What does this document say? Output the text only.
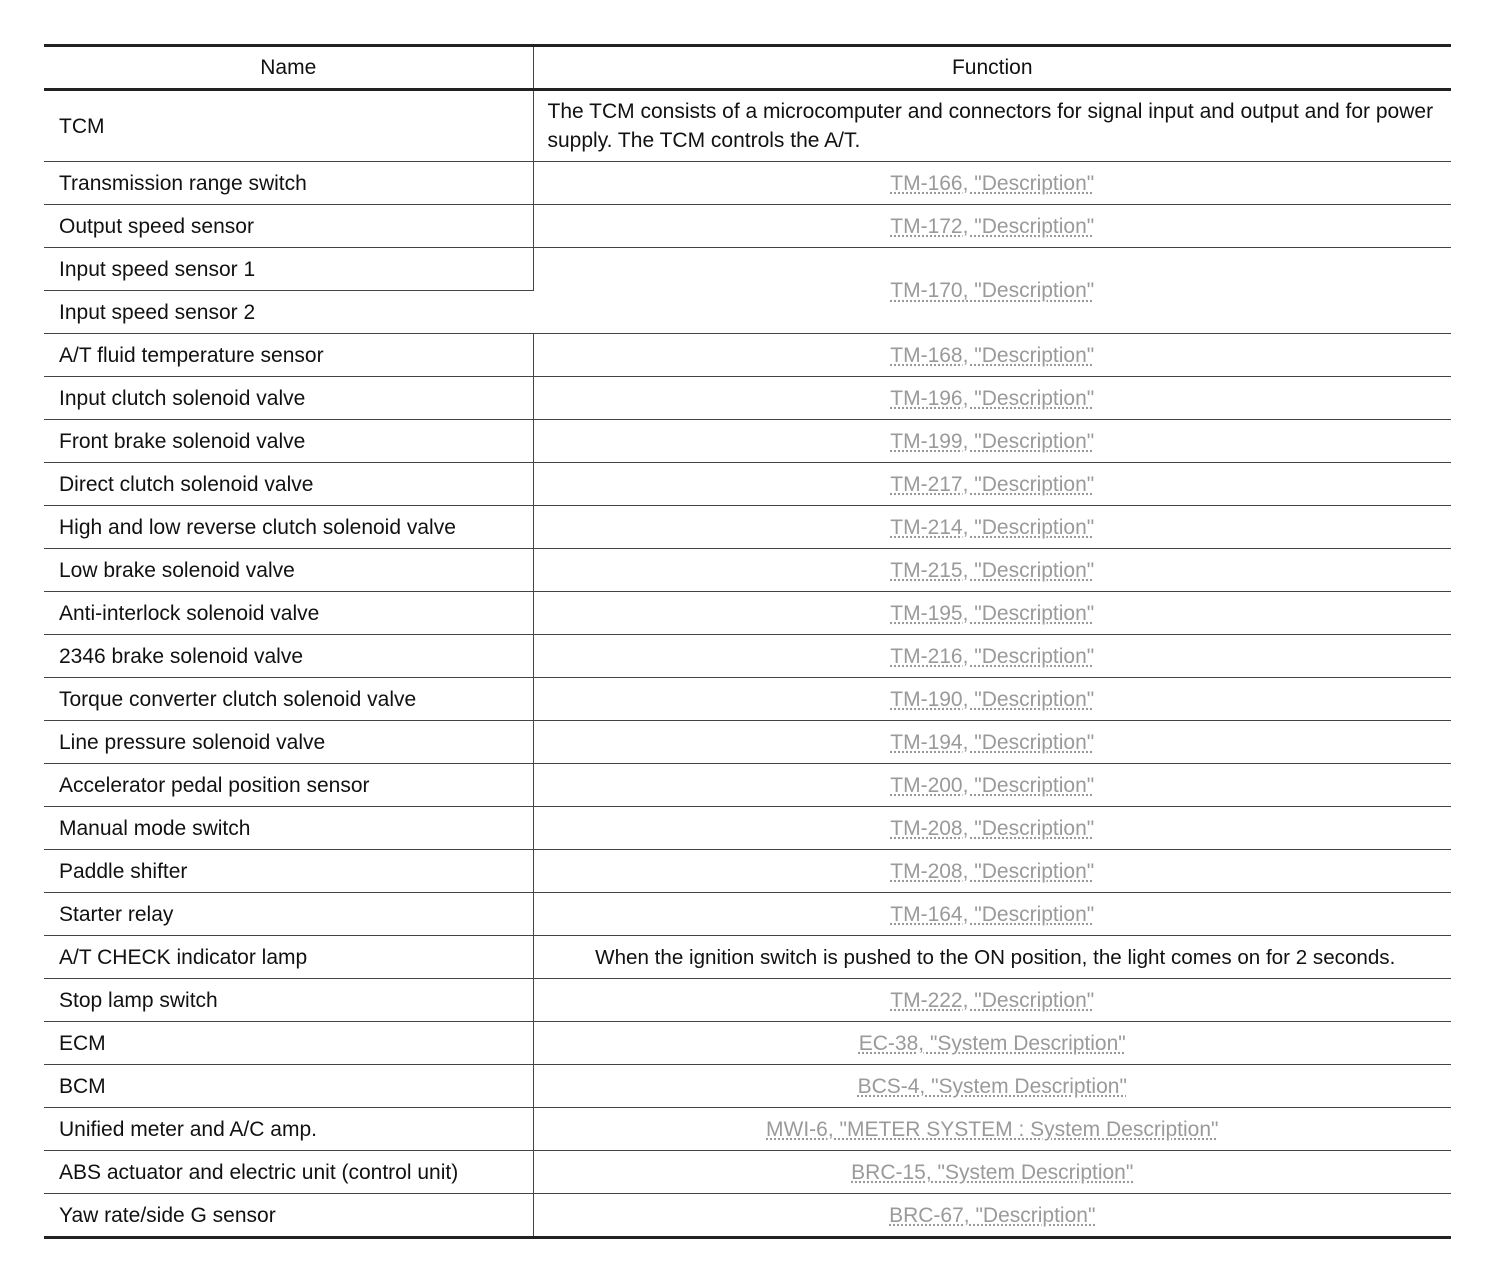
Name	Function
TCM	The TCM consists of a microcomputer and connectors for signal input and output and for power supply. The TCM controls the A/T.
Transmission range switch	TM-166, "Description"
Output speed sensor	TM-172, "Description"
Input speed sensor 1	TM-170, "Description"
Input speed sensor 2	
A/T fluid temperature sensor	TM-168, "Description"
Input clutch solenoid valve	TM-196, "Description"
Front brake solenoid valve	TM-199, "Description"
Direct clutch solenoid valve	TM-217, "Description"
High and low reverse clutch solenoid valve	TM-214, "Description"
Low brake solenoid valve	TM-215, "Description"
Anti-interlock solenoid valve	TM-195, "Description"
2346 brake solenoid valve	TM-216, "Description"
Torque converter clutch solenoid valve	TM-190, "Description"
Line pressure solenoid valve	TM-194, "Description"
Accelerator pedal position sensor	TM-200, "Description"
Manual mode switch	TM-208, "Description"
Paddle shifter	TM-208, "Description"
Starter relay	TM-164, "Description"
A/T CHECK indicator lamp	When the ignition switch is pushed to the ON position, the light comes on for 2 seconds.
Stop lamp switch	TM-222, "Description"
ECM	EC-38, "System Description"
BCM	BCS-4, "System Description"
Unified meter and A/C amp.	MWI-6, "METER SYSTEM : System Description"
ABS actuator and electric unit (control unit)	BRC-15, "System Description"
Yaw rate/side G sensor	BRC-67, "Description"
